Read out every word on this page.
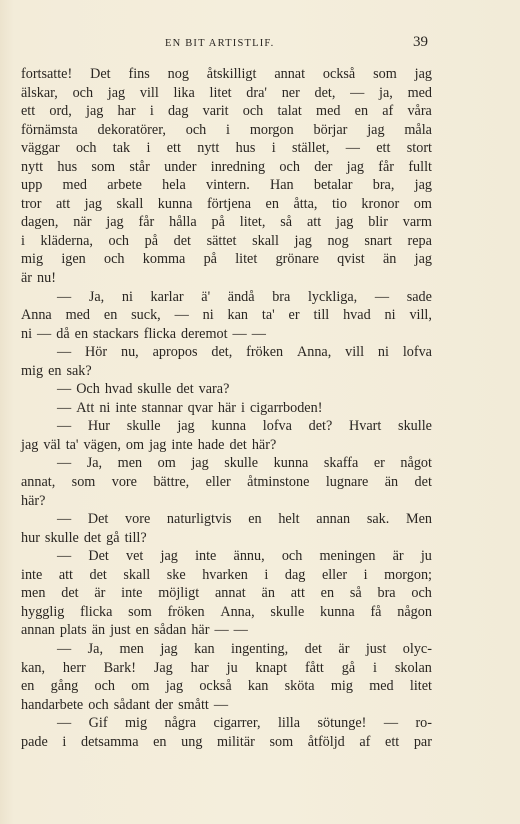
EN BIT ARTISTLIF.	39
fortsatte! Det fins nog åtskilligt annat också som jag
älskar, och jag vill lika litet dra' ner det, — ja, med
ett ord, jag har i dag varit och talat med en af våra
förnämsta dekoratörer, och i morgon börjar jag måla
väggar och tak i ett nytt hus i stället, — ett stort
nytt hus som står under inredning och der jag får fullt
upp med arbete hela vintern. Han betalar bra, jag
tror att jag skall kunna förtjena en åtta, tio kronor om
dagen, när jag får hålla på litet, så att jag blir varm
i kläderna, och på det sättet skall jag nog snart repa
mig igen och komma på litet grönare qvist än jag
är nu!
— Ja, ni karlar ä' ändå bra lyckliga, — sade
Anna med en suck, — ni kan ta' er till hvad ni vill,
ni — då en stackars flicka deremot — —
— Hör nu, apropos det, fröken Anna, vill ni lofva
mig en sak?
— Och hvad skulle det vara?
— Att ni inte stannar qvar här i cigarrboden!
— Hur skulle jag kunna lofva det? Hvart skulle
jag väl ta' vägen, om jag inte hade det här?
— Ja, men om jag skulle kunna skaffa er något
annat, som vore bättre, eller åtminstone lugnare än det
här?
— Det vore naturligtvis en helt annan sak. Men
hur skulle det gå till?
— Det vet jag inte ännu, och meningen är ju
inte att det skall ske hvarken i dag eller i morgon;
men det är inte möjligt annat än att en så bra och
hygglig flicka som fröken Anna, skulle kunna få någon
annan plats än just en sådan här — —
— Ja, men jag kan ingenting, det är just olyc-
kan, herr Bark! Jag har ju knapt fått gå i skolan
en gång och om jag också kan sköta mig med litet
handarbete och sådant der smått —
— Gif mig några cigarrer, lilla sötunge! — ro-
pade i detsamma en ung militär som åtföljd af ett par
